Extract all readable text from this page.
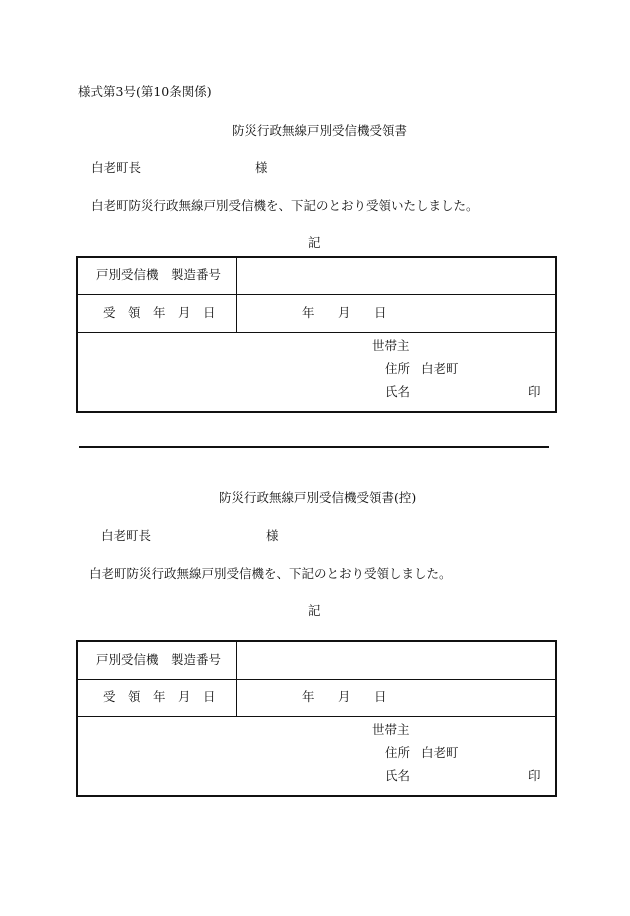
様式第3号(第10条関係)
防災行政無線戸別受信機受領書
白老町長	様
白老町防災行政無線戸別受信機を、下記のとおり受領いたしました。
記
戸別受信機　製造番号
受　領　年　月　日	年 月 日
世帯主
住所 白老町
氏名	印
防災行政無線戸別受信機受領書(控)
白老町長	様
白老町防災行政無線戸別受信機を、下記のとおり受領しました。
記
戸別受信機　製造番号
受　領　年　月　日	年 月 日
世帯主
住所 白老町
氏名	印
